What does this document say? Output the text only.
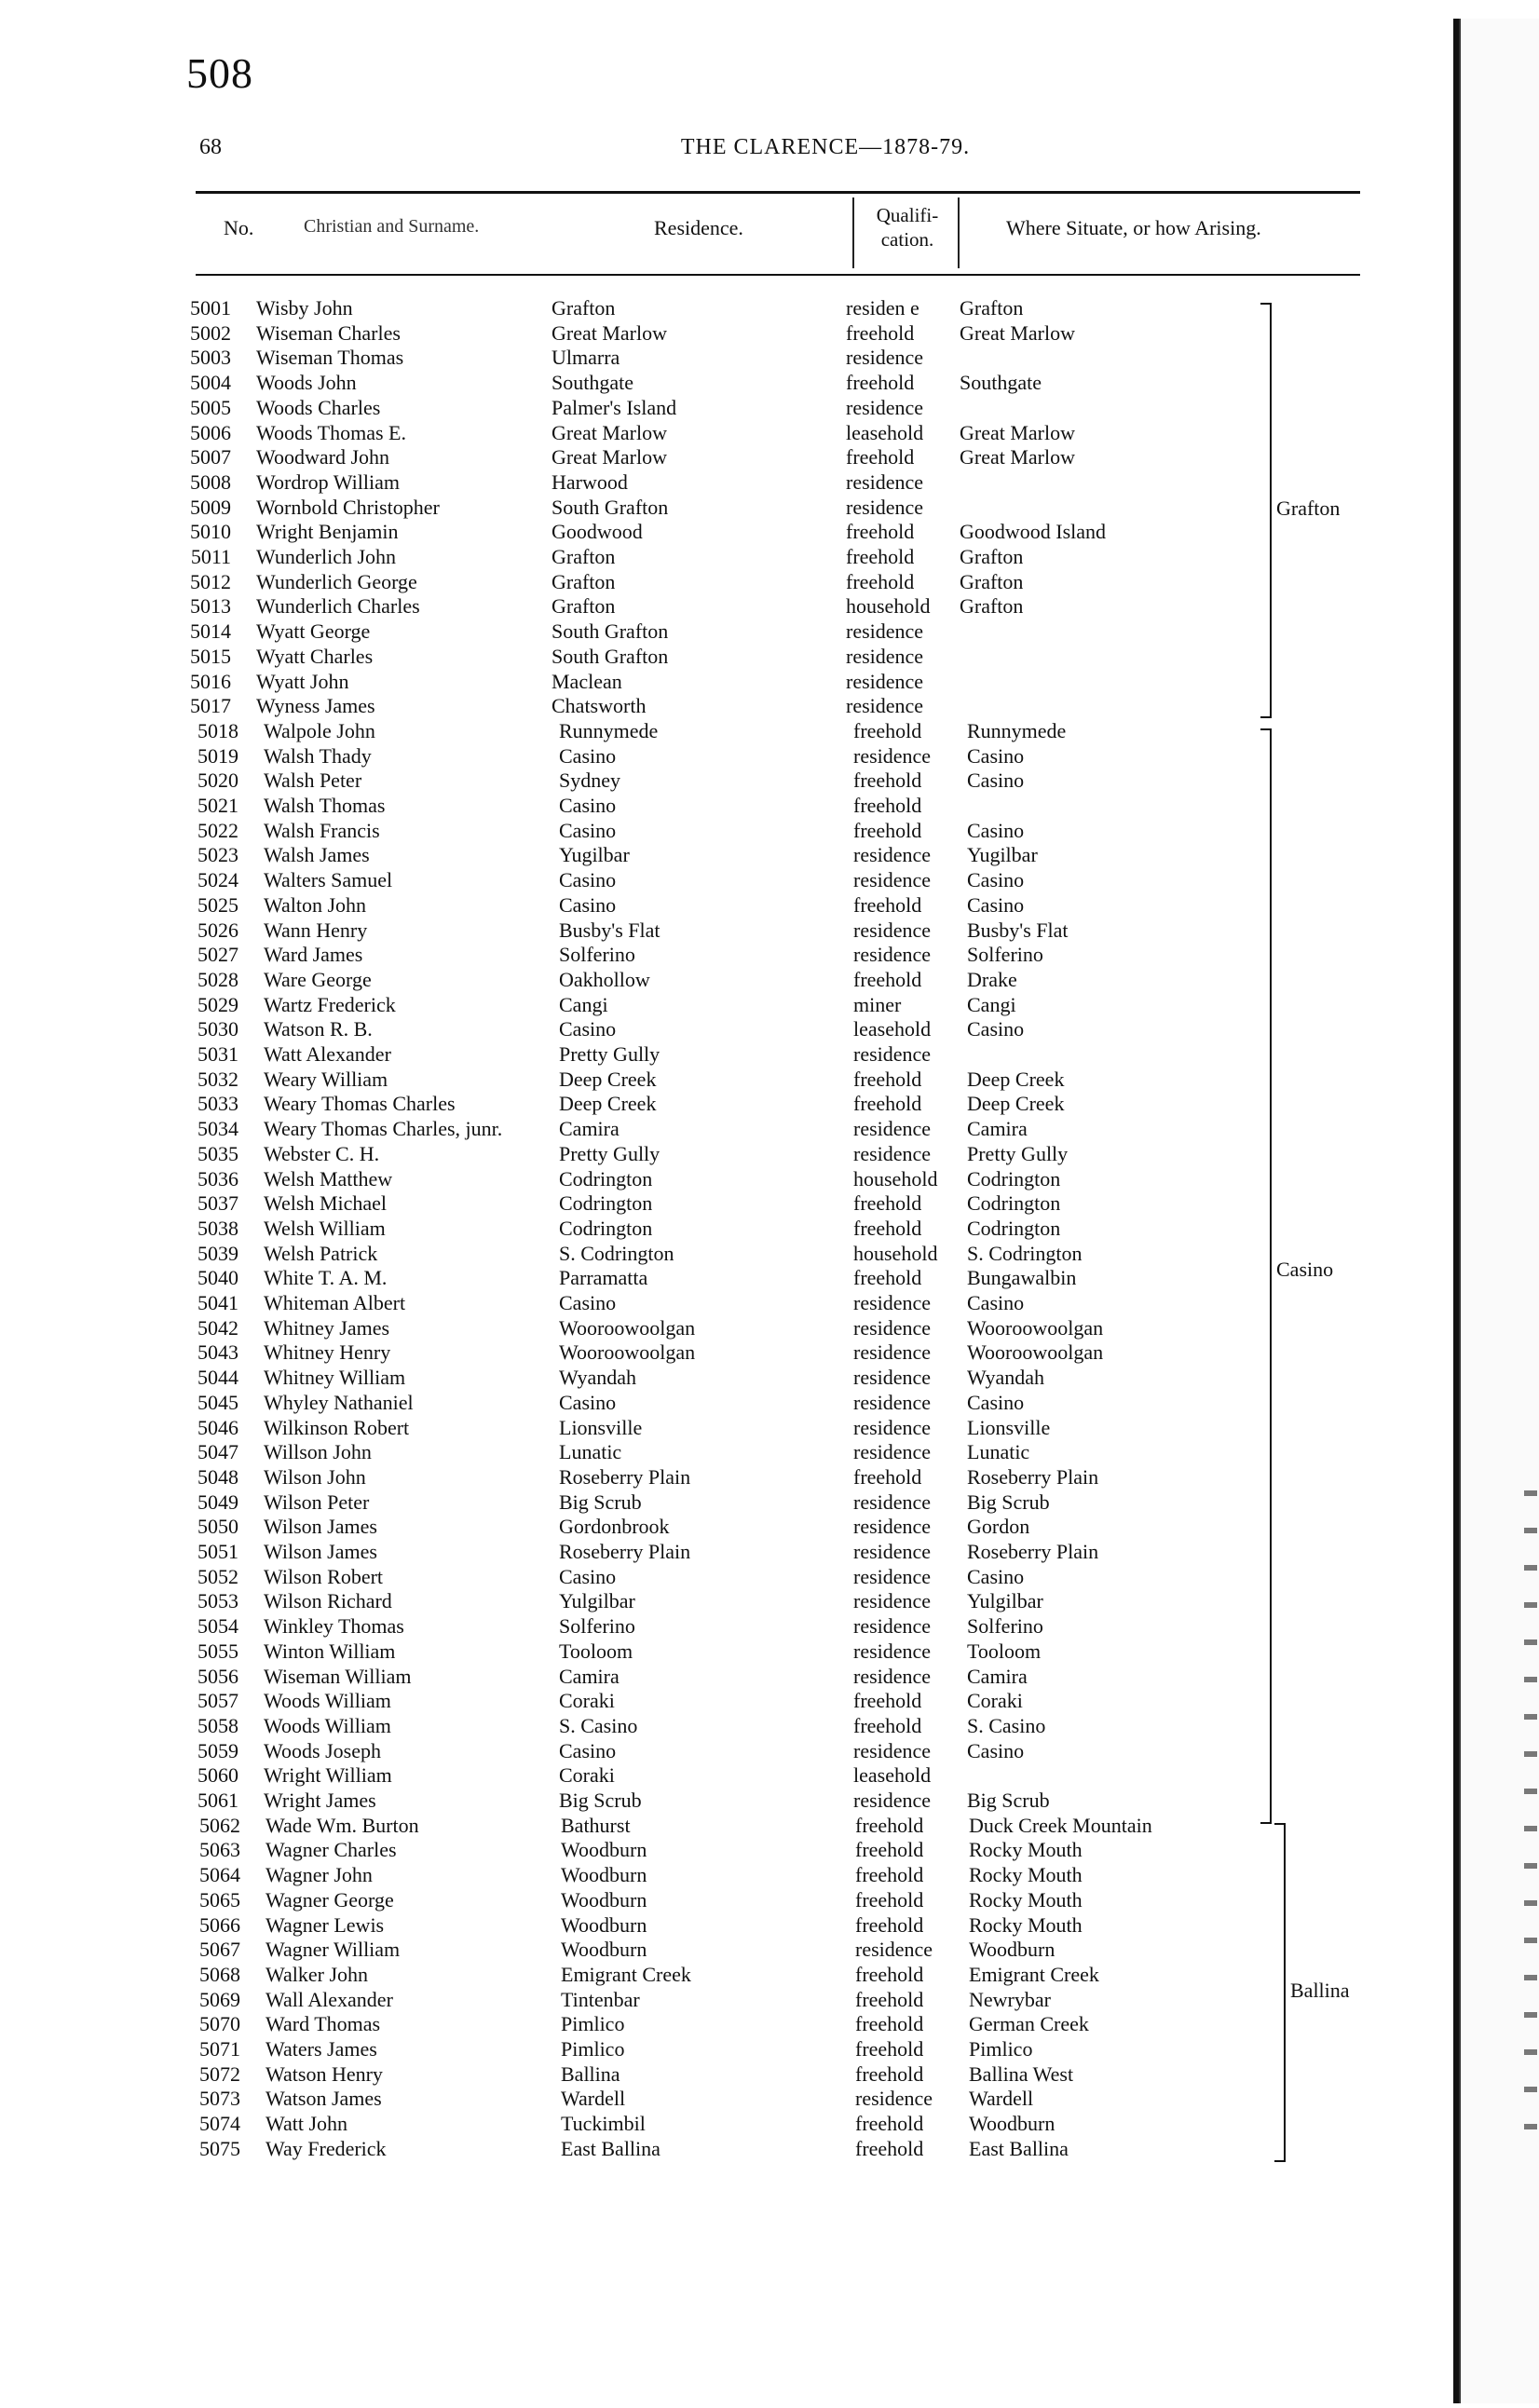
508
68	THE CLARENCE—1878-79.
No.	Christian and Surname.	Residence.
Qualifi-cation.	Where Situate, or how Arising.
5001 Wisby John	Grafton	residen e Grafton
5002 Wiseman Charles	Great Marlow	freehold Great Marlow
5003 Wiseman Thomas	Ulmarra	residence
5004 Woods John	Southgate	freehold Southgate
5005 Woods Charles	Palmer's Island	residence
5006 Woods Thomas E.	Great Marlow	leasehold Great Marlow
5007 Woodward John	Great Marlow	freehold Great Marlow
5008 Wordrop William	Harwood	residence
5009 Wornbold Christopher	South Grafton	residence
5010 Wright Benjamin	Goodwood	freehold Goodwood Island
5011 Wunderlich John	Grafton	freehold Grafton
5012 Wunderlich George	Grafton	freehold Grafton
5013 Wunderlich Charles	Grafton	household Grafton
5014 Wyatt George	South Grafton	residence
5015 Wyatt Charles	South Grafton	residence
5016 Wyatt John	Maclean	residence
5017 Wyness James	Chatsworth	residence
5018 Walpole John	Runnymede	freehold Runnymede
5019 Walsh Thady	Casino	residence Casino
5020 Walsh Peter	Sydney	freehold Casino
5021 Walsh Thomas	Casino	freehold
5022 Walsh Francis	Casino	freehold Casino
5023 Walsh James	Yugilbar	residence Yugilbar
5024 Walters Samuel	Casino	residence Casino
5025 Walton John	Casino	freehold Casino
5026 Wann Henry	Busby's Flat	residence Busby's Flat
5027 Ward James	Solferino	residence Solferino
5028 Ware George	Oakhollow	freehold Drake
5029 Wartz Frederick	Cangi	miner	Cangi
5030 Watson R. B.	Casino	leasehold Casino
5031 Watt Alexander	Pretty Gully	residence
5032 Weary William	Deep Creek	freehold Deep Creek
5033 Weary Thomas Charles	Deep Creek	freehold Deep Creek
5034 Weary Thomas Charles, junr.	Camira	residence Camira
5035 Webster C. H.	Pretty Gully	residence Pretty Gully
5036 Welsh Matthew	Codrington	household Codrington
5037 Welsh Michael	Codrington	freehold Codrington
5038 Welsh William	Codrington	freehold Codrington
5039 Welsh Patrick	S. Codrington	household S. Codrington
5040 White T. A. M.	Parramatta	freehold Bungawalbin
5041 Whiteman Albert	Casino	residence Casino
5042 Whitney James	Wooroowoolgan	residence Wooroowoolgan
5043 Whitney Henry	Wooroowoolgan	residence Wooroowoolgan
5044 Whitney William	Wyandah	residence Wyandah
5045 Whyley Nathaniel	Casino	residence Casino
5046 Wilkinson Robert	Lionsville	residence Lionsville
5047 Willson John	Lunatic	residence Lunatic
5048 Wilson John	Roseberry Plain	freehold Roseberry Plain
5049 Wilson Peter	Big Scrub	residence Big Scrub
5050 Wilson James	Gordonbrook	residence Gordon
5051 Wilson James	Roseberry Plain	residence Roseberry Plain
5052 Wilson Robert	Casino	residence Casino
5053 Wilson Richard	Yulgilbar	residence Yulgilbar
5054 Winkley Thomas	Solferino	residence Solferino
5055 Winton William	Tooloom	residence Tooloom
5056 Wiseman William	Camira	residence Camira
5057 Woods William	Coraki	freehold Coraki
5058 Woods William	S. Casino	freehold S. Casino
5059 Woods Joseph	Casino	residence Casino
5060 Wright William	Coraki	leasehold
5061 Wright James	Big Scrub	residence Big Scrub
5062 Wade Wm. Burton	Bathurst	freehold Duck Creek Mountain
5063 Wagner Charles	Woodburn	freehold Rocky Mouth
5064 Wagner John	Woodburn	freehold Rocky Mouth
5065 Wagner George	Woodburn	freehold Rocky Mouth
5066 Wagner Lewis	Woodburn	freehold Rocky Mouth
5067 Wagner William	Woodburn	residence Woodburn
5068 Walker John	Emigrant Creek	freehold Emigrant Creek
5069 Wall Alexander	Tintenbar	freehold Newrybar
5070 Ward Thomas	Pimlico	freehold German Creek
5071 Waters James	Pimlico	freehold Pimlico
5072 Watson Henry	Ballina	freehold Ballina West
5073 Watson James	Wardell	residence Wardell
5074 Watt John	Tuckimbil	freehold Woodburn
5075 Way Frederick	East Ballina	freehold East Ballina
Grafton
Casino
Ballina
